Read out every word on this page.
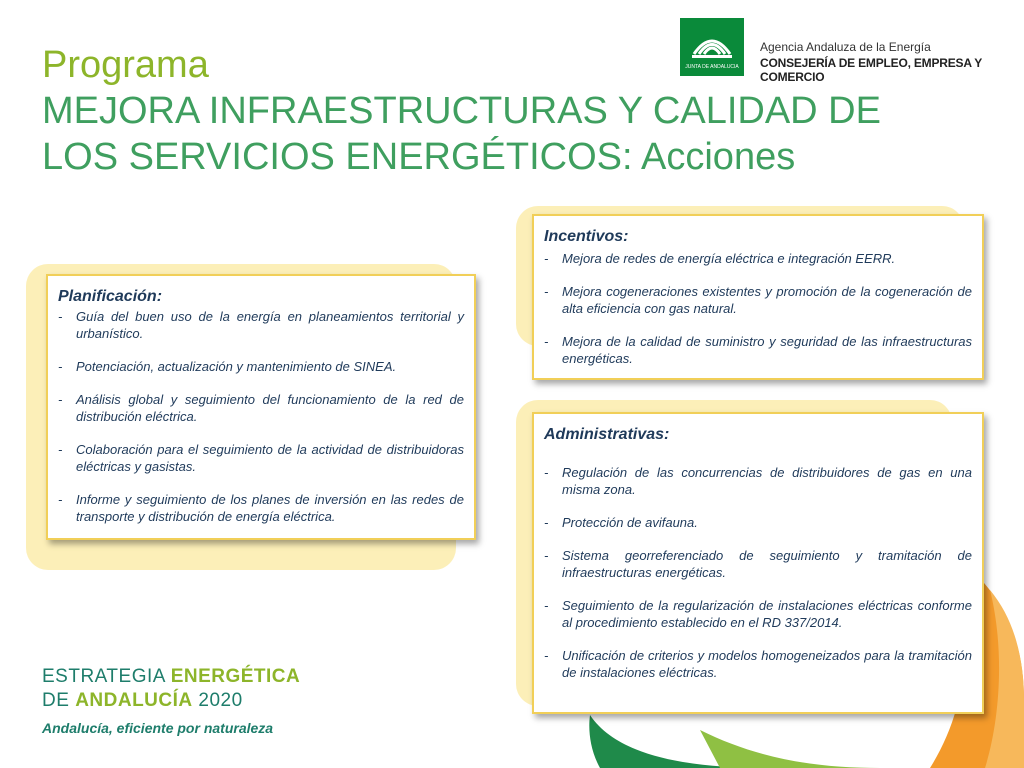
Programa
MEJORA INFRAESTRUCTURAS Y CALIDAD DE
LOS SERVICIOS ENERGÉTICOS: Acciones
JUNTA DE ANDALUCIA
Agencia Andaluza de la Energía
CONSEJERÍA DE EMPLEO, EMPRESA Y COMERCIO
Planificación:
- Guía del buen uso de la energía en planeamientos territorial y urbanístico.
- Potenciación, actualización y mantenimiento de SINEA.
- Análisis global y seguimiento del funcionamiento de la red de distribución eléctrica.
- Colaboración para el seguimiento de la actividad de distribuidoras eléctricas y gasistas.
- Informe y seguimiento de los planes de inversión en las redes de transporte y distribución de energía eléctrica.
Incentivos:
- Mejora de redes de energía eléctrica e integración EERR.
- Mejora cogeneraciones existentes y promoción de la cogeneración de alta eficiencia con gas natural.
- Mejora de la calidad de suministro y seguridad de las infraestructuras energéticas.
Administrativas:
- Regulación de las concurrencias de distribuidores de gas en una misma zona.
- Protección de avifauna.
- Sistema georreferenciado de seguimiento y tramitación de infraestructuras energéticas.
- Seguimiento de la regularización de instalaciones eléctricas conforme al procedimiento establecido en el RD 337/2014.
- Unificación de criterios y modelos homogeneizados para la tramitación de instalaciones eléctricas.
ESTRATEGIA ENERGÉTICA
DE ANDALUCÍA 2020
Andalucía, eficiente por naturaleza
